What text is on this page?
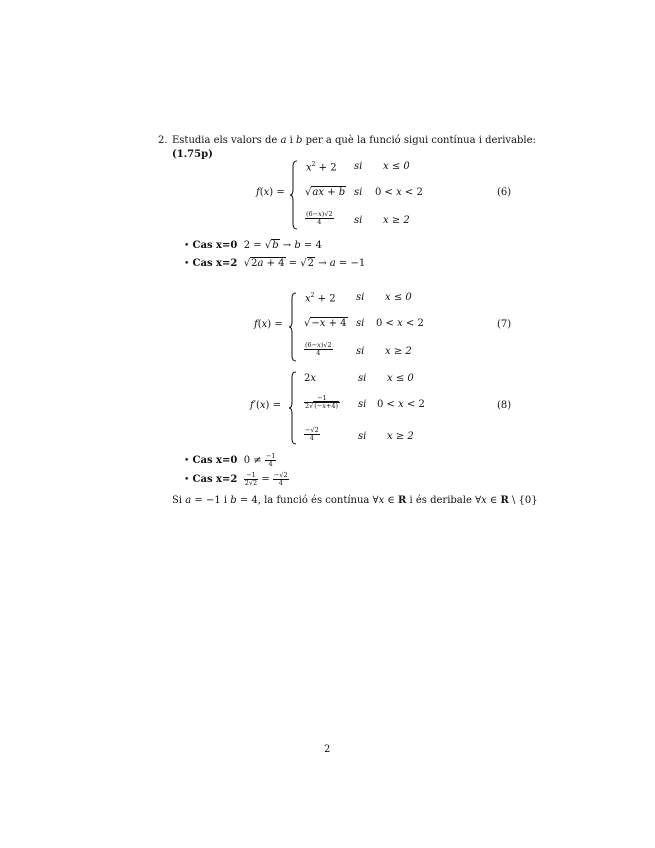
2. Estudia els valors de a i b per a què la funció sigui contínua i derivable:
(1.75p)
f(x) =
$x^2 + 2$ si x ≤ 0
√ax + b si 0 < x < 2
$\frac{(6-x)√2}{4}$ si x ≥ 2
(6)
• Cas x=0  2 = √b → b = 4
• Cas x=2  √2a + 4 = √2 → a = −1
f(x) =
$x^2 + 2$ si x ≤ 0
√−x + 4 si 0 < x < 2
$\frac{(6-x)√2}{4}$ si x ≥ 2
(7)
f′(x) =
2x	si x ≤ 0
$\frac{-1}{2√(-x+4)}$ si 0 < x < 2
$\frac{-√2}{4}$	si x ≥ 2
(8)
• Cas x=0  $0 \ne \frac{-1}{4}$
• Cas $x=2 \frac{-1}{2√2} = \frac{-√2}{4}$
Si a = −1 i b = 4, la funció és contínua ∀x ∈ R i és deribale ∀x ∈ R \ {0}
2
